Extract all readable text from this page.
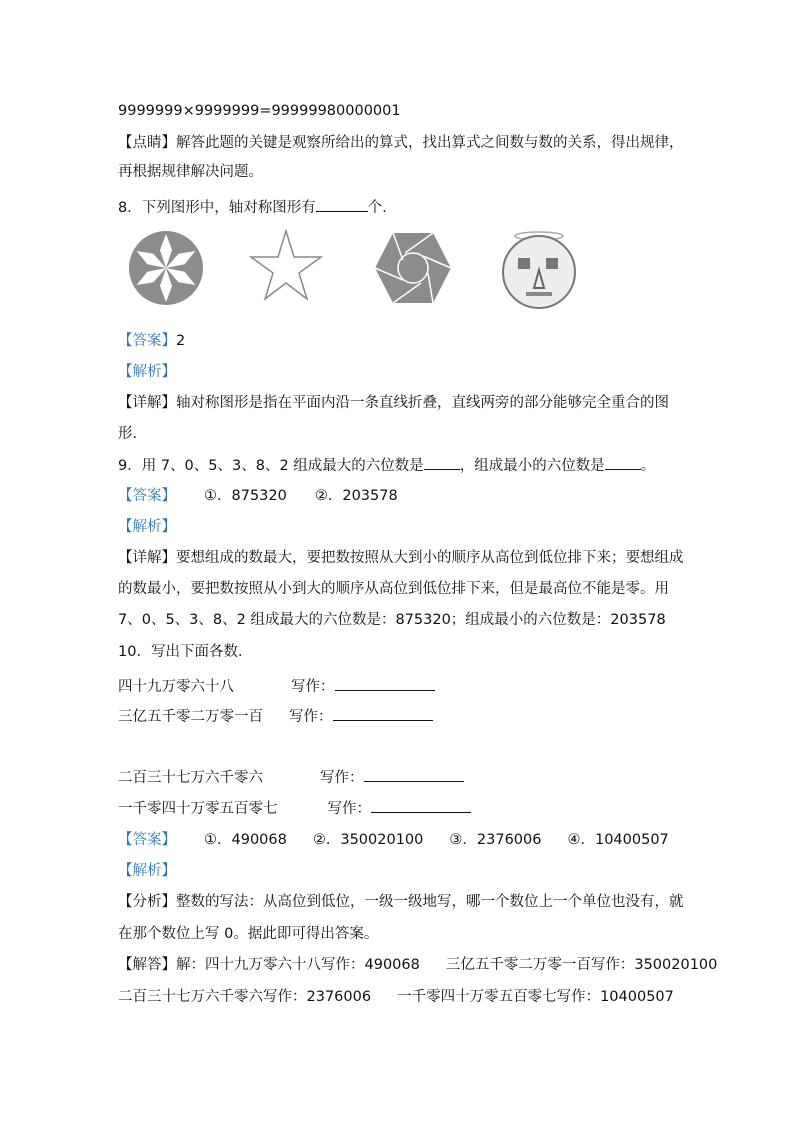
9999999×9999999=99999980000001
【点睛】解答此题的关键是观察所给出的算式，找出算式之间数与数的关系，得出规律，
再根据规律解决问题。
8．下列图形中，轴对称图形有	个．
【答案】2
【解析】
【详解】轴对称图形是指在平面内沿一条直线折叠，直线两旁的部分能够完全重合的图
形．
9．用 7、0、5、3、8、2 组成最大的六位数是 ，组成最小的六位数是 。
【答案】 ①．875320 ②．203578
【解析】
【详解】要想组成的数最大，要把数按照从大到小的顺序从高位到低位排下来；要想组成
的数最小，要把数按照从小到大的顺序从高位到低位排下来，但是最高位不能是零。用
7、0、5、3、8、2 组成最大的六位数是：875320；组成最小的六位数是：203578
10．写出下面各数．
四十九万零六十八	写作：
三亿五千零二万零一百 写作：
二百三十七万六千零六	写作：
一千零四十万零五百零七	写作：
【答案】 ①．490068 ②．350020100 ③．2376006 ④．10400507
【解析】
【分析】整数的写法：从高位到低位，一级一级地写，哪一个数位上一个单位也没有，就
在那个数位上写 0。据此即可得出答案。
【解答】解：四十九万零六十八写作：490068 三亿五千零二万零一百写作：350020100
二百三十七万六千零六写作：2376006 一千零四十万零五百零七写作：10400507
